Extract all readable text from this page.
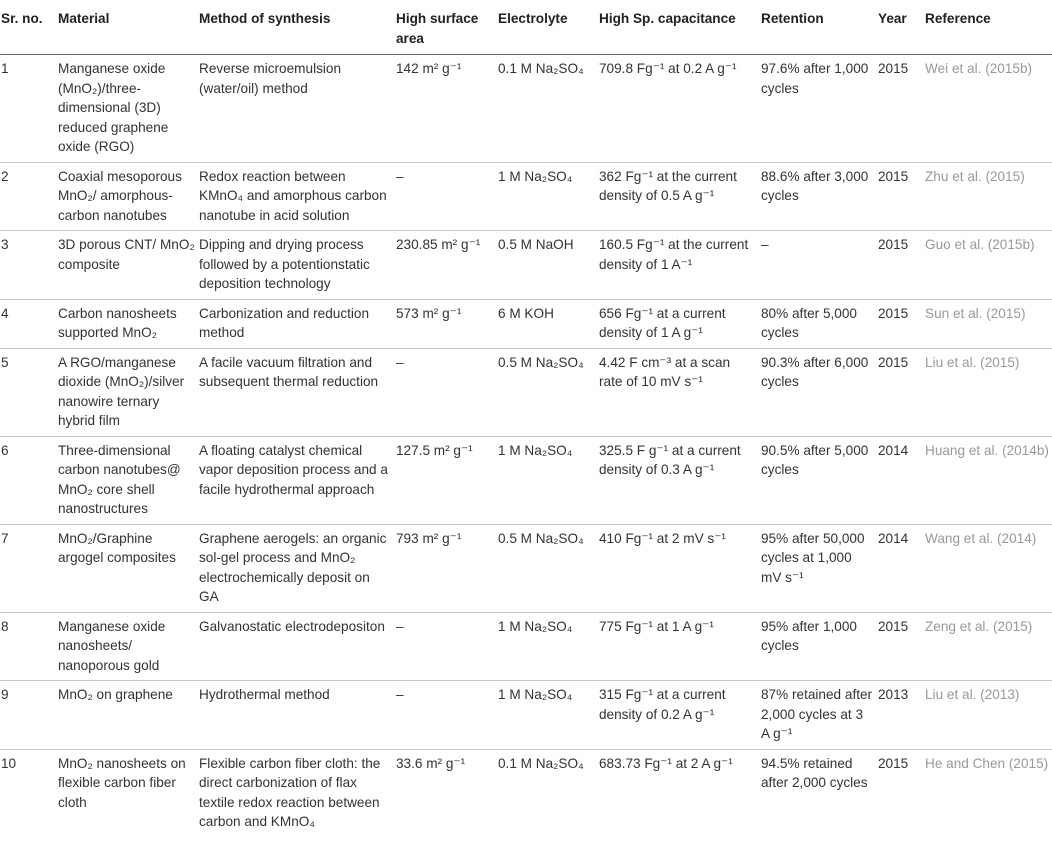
Sr. no.	Material	Method of synthesis	High surface area	Electrolyte	High Sp. capacitance	Retention	Year	Reference
1	Manganese oxide (MnO₂)/three-dimensional (3D) reduced graphene oxide (RGO)	Reverse microemulsion (water/oil) method	142 m² g⁻¹	0.1 M Na₂SO₄	709.8 Fg⁻¹ at 0.2 A g⁻¹	97.6% after 1,000 cycles	2015	Wei et al. (2015b)
2	Coaxial mesoporous MnO₂/ amorphous-carbon nanotubes	Redox reaction between KMnO₄ and amorphous carbon nanotube in acid solution	–	1 M Na₂SO₄	362 Fg⁻¹ at the current density of 0.5 A g⁻¹	88.6% after 3,000 cycles	2015	Zhu et al. (2015)
3	3D porous CNT/ MnO₂ composite	Dipping and drying process followed by a potentionstatic deposition technology	230.85 m² g⁻¹	0.5 M NaOH	160.5 Fg⁻¹ at the current density of 1 A⁻¹	–	2015	Guo et al. (2015b)
4	Carbon nanosheets supported MnO₂	Carbonization and reduction method	573 m² g⁻¹	6 M KOH	656 Fg⁻¹ at a current density of 1 A g⁻¹	80% after 5,000 cycles	2015	Sun et al. (2015)
5	A RGO/manganese dioxide (MnO₂)/silver nanowire ternary hybrid film	A facile vacuum filtration and subsequent thermal reduction	–	0.5 M Na₂SO₄	4.42 F cm⁻³ at a scan rate of 10 mV s⁻¹	90.3% after 6,000 cycles	2015	Liu et al. (2015)
6	Three-dimensional carbon nanotubes@ MnO₂ core shell nanostructures	A floating catalyst chemical vapor deposition process and a facile hydrothermal approach	127.5 m² g⁻¹	1 M Na₂SO₄	325.5 F g⁻¹ at a current density of 0.3 A g⁻¹	90.5% after 5,000 cycles	2014	Huang et al. (2014b)
7	MnO₂/Graphine argogel composites	Graphene aerogels: an organic sol-gel process and MnO₂ electrochemically deposit on GA	793 m² g⁻¹	0.5 M Na₂SO₄	410 Fg⁻¹ at 2 mV s⁻¹	95% after 50,000 cycles at 1,000 mV s⁻¹	2014	Wang et al. (2014)
8	Manganese oxide nanosheets/ nanoporous gold	Galvanostatic electrodepositon	–	1 M Na₂SO₄	775 Fg⁻¹ at 1 A g⁻¹	95% after 1,000 cycles	2015	Zeng et al. (2015)
9	MnO₂ on graphene	Hydrothermal method	–	1 M Na₂SO₄	315 Fg⁻¹ at a current density of 0.2 A g⁻¹	87% retained after 2,000 cycles at 3 A g⁻¹	2013	Liu et al. (2013)
10	MnO₂ nanosheets on flexible carbon fiber cloth	Flexible carbon fiber cloth: the direct carbonization of flax textile redox reaction between carbon and KMnO₄	33.6 m² g⁻¹	0.1 M Na₂SO₄	683.73 Fg⁻¹ at 2 A g⁻¹	94.5% retained after 2,000 cycles	2015	He and Chen (2015)
